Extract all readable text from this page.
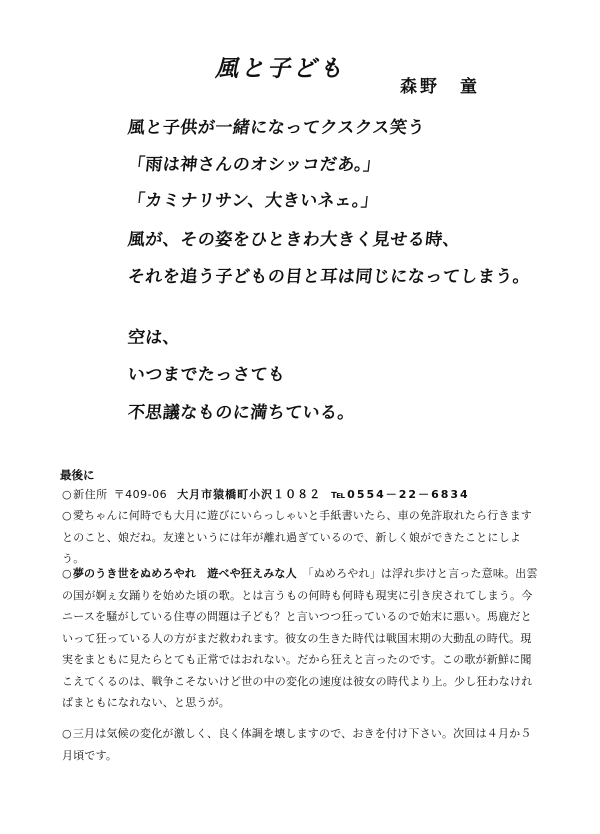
風と子ども
森野　童
風と子供が一緒になってクスクス笑う
「雨は神さんのオシッコだあ。」
「カミナリサン、大きいネェ。」
風が、その姿をひときわ大きく見せる時、
それを追う子どもの目と耳は同じになってしまう。
空は、
いつまでたっさても
不思議なものに満ちている。
最後に
○新住所 〒409-06 大月市猿橋町小沢１０８２ ℡0554－22－6834
○愛ちゃんに何時でも大月に遊びにいらっしゃいと手紙書いたら、車の免許取れたら行きますとのこと、娘だね。友達というには年が離れ過ぎているので、新しく娘ができたことにしよう。
○夢のうき世をぬめろやれ　遊べや狂えみな人　「ぬめろやれ」は浮れ歩けと言った意味。出雲の国が婀ぇ女踊りを始めた頃の歌。とは言うもの何時も何時も現実に引き戻されてしまう。今ニースを騒がしている住専の問題は子ども？と言いつつ狂っているので始末に悪い。馬鹿だといって狂っている人の方がまだ救われます。彼女の生きた時代は戦国末期の大動乱の時代。現実をまともに見たらとても正常ではおれない。だから狂えと言ったのです。この歌が新鮮に聞こえてくるのは、戦争こそないけど世の中の変化の速度は彼女の時代より上。少し狂わなければまともになれない、と思うが。
○三月は気候の変化が激しく、良く体調を壊しますので、おきを付け下さい。次回は４月か５月頃です。
